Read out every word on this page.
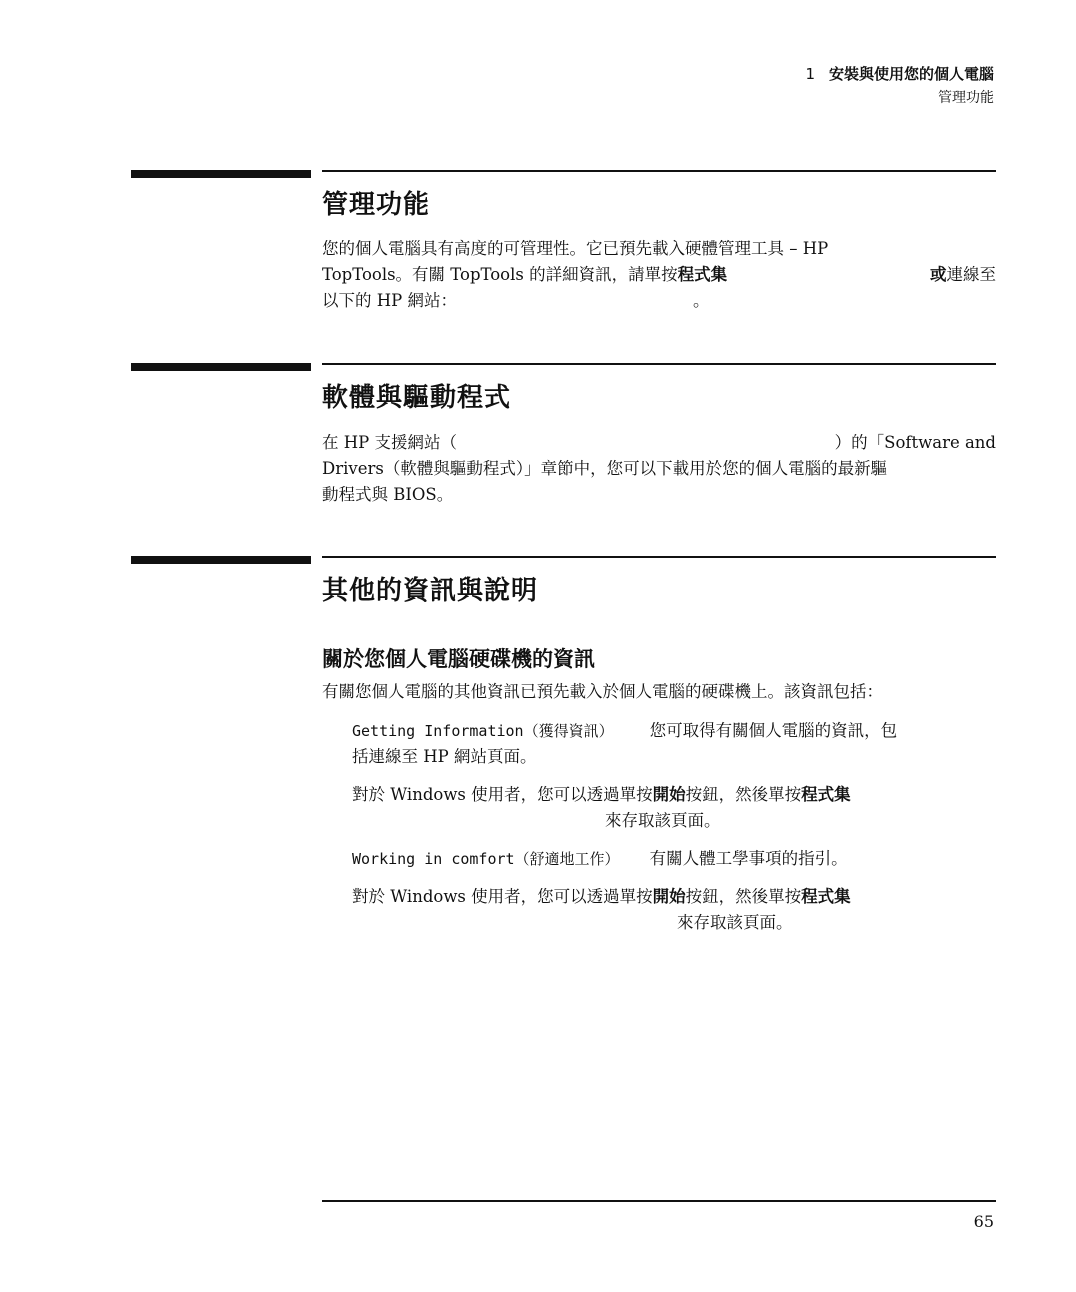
1 安裝與使用您的個人電腦
管理功能
管理功能
您的個人電腦具有高度的可管理性。它已預先載入硬體管理工具 – HP
TopTools。有關 TopTools 的詳細資訊，請單按 程式集	或 連線至
以下的 HP 網站：	。
軟體與驅動程式
在 HP 支援網站（	）的「Software and
Drivers（軟體與驅動程式）」章節中，您可以下載用於您的個人電腦的最新驅
動程式與 BIOS。
其他的資訊與說明
關於您個人電腦硬碟機的資訊
有關您個人電腦的其他資訊已預先載入於個人電腦的硬碟機上。該資訊包括：
Getting Information（獲得資訊） 您可取得有關個人電腦的資訊，包
括連線至 HP 網站頁面。
對於 Windows 使用者，您可以透過單按開始按鈕，然後單按程式集
來存取該頁面。
Working in comfort（舒適地工作） 有關人體工學事項的指引。
對於 Windows 使用者，您可以透過單按開始按鈕，然後單按程式集
來存取該頁面。
65
